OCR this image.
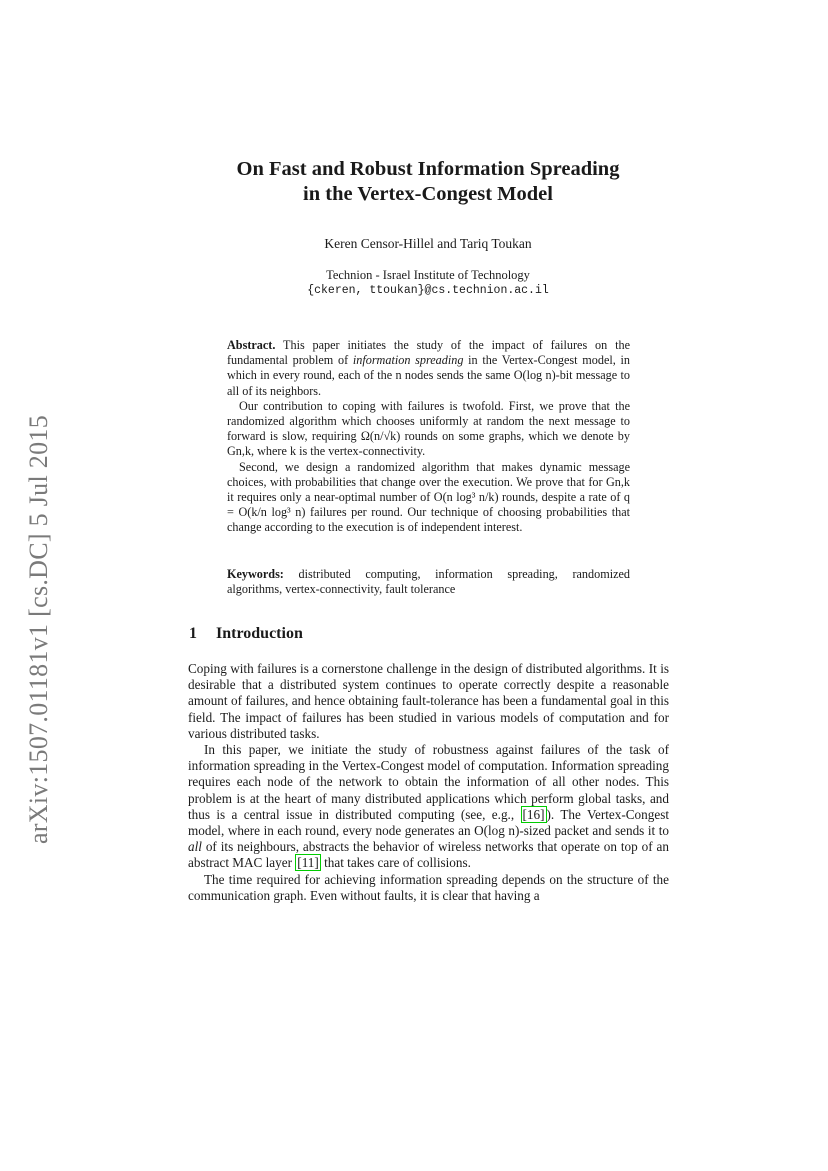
arXiv:1507.01181v1 [cs.DC] 5 Jul 2015
On Fast and Robust Information Spreading
in the Vertex-Congest Model
Keren Censor-Hillel and Tariq Toukan
Technion - Israel Institute of Technology
{ckeren, ttoukan}@cs.technion.ac.il

Abstract. This paper initiates the study of the impact of failures on the fundamental problem of information spreading in the Vertex-Congest model, in which in every round, each of the n nodes sends the same O(log n)-bit message to all of its neighbors.

Our contribution to coping with failures is twofold. First, we prove that the randomized algorithm which chooses uniformly at random the next message to forward is slow, requiring Ω(n/√k) rounds on some graphs, which we denote by Gn,k, where k is the vertex-connectivity.

Second, we design a randomized algorithm that makes dynamic message choices, with probabilities that change over the execution. We prove that for Gn,k it requires only a near-optimal number of O(n log³ n/k) rounds, despite a rate of q = O(k/n log³ n) failures per round. Our technique of choosing probabilities that change according to the execution is of independent interest.

Keywords: distributed computing, information spreading, randomized algorithms, vertex-connectivity, fault tolerance
1 Introduction

Coping with failures is a cornerstone challenge in the design of distributed algorithms. It is desirable that a distributed system continues to operate correctly despite a reasonable amount of failures, and hence obtaining fault-tolerance has been a fundamental goal in this field. The impact of failures has been studied in various models of computation and for various distributed tasks.

In this paper, we initiate the study of robustness against failures of the task of information spreading in the Vertex-Congest model of computation. Information spreading requires each node of the network to obtain the information of all other nodes. This problem is at the heart of many distributed applications which perform global tasks, and thus is a central issue in distributed computing (see, e.g., [16] ). The Vertex-Congest model, where in each round, every node generates an O(log n)-sized packet and sends it to all of its neighbours, abstracts the behavior of wireless networks that operate on top of an abstract MAC layer [11] that takes care of collisions.

The time required for achieving information spreading depends on the structure of the communication graph. Even without faults, it is clear that having a
